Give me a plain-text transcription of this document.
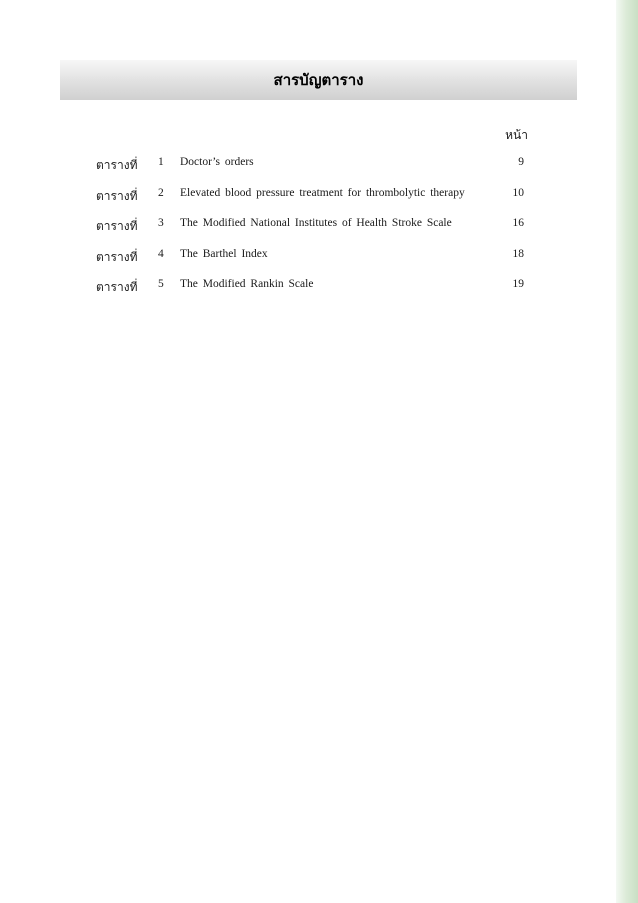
สารบัญตาราง
หน้า
ตารางที่ 1 Doctor’s orders	9
ตารางที่ 2 Elevated blood pressure treatment for thrombolytic therapy	10
ตารางที่ 3 The Modified National Institutes of Health Stroke Scale	16
ตารางที่ 4 The Barthel Index	18
ตารางที่ 5 The Modified Rankin Scale	19
